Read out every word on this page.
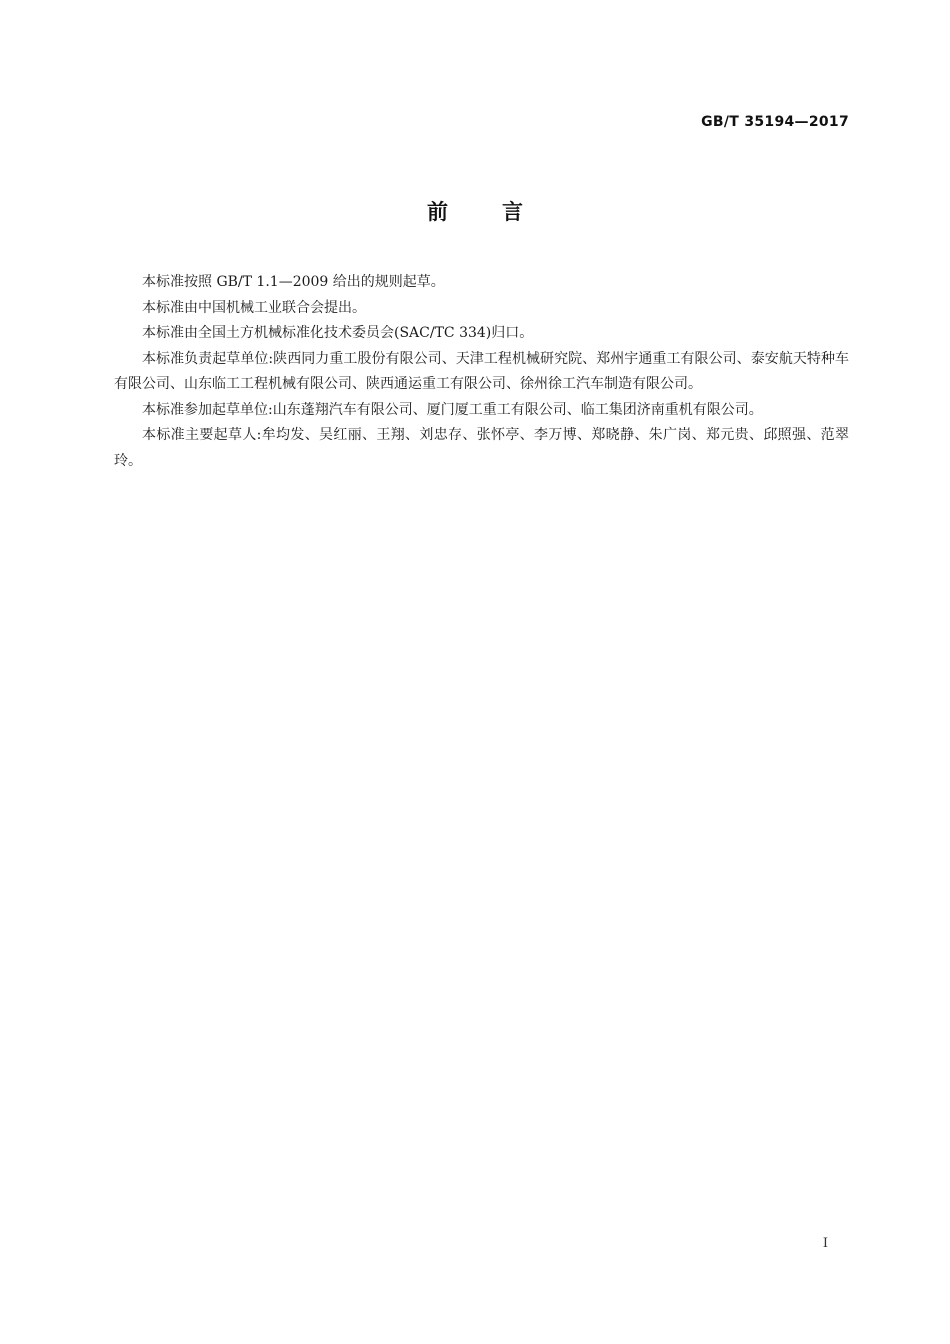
GB/T 35194—2017
前	言

本标准按照 GB/T 1.1—2009 给出的规则起草。

本标准由中国机械工业联合会提出。

本标准由全国土方机械标准化技术委员会(SAC/TC 334)归口。

本标准负责起草单位:陕西同力重工股份有限公司、天津工程机械研究院、郑州宇通重工有限公司、泰安航天特种车有限公司、山东临工工程机械有限公司、陕西通运重工有限公司、徐州徐工汽车制造有限公司。

本标准参加起草单位:山东蓬翔汽车有限公司、厦门厦工重工有限公司、临工集团济南重机有限公司。

本标准主要起草人:牟均发、吴红丽、王翔、刘忠存、张怀亭、李万博、郑晓静、朱广岗、郑元贵、邱照强、范翠玲。

I
